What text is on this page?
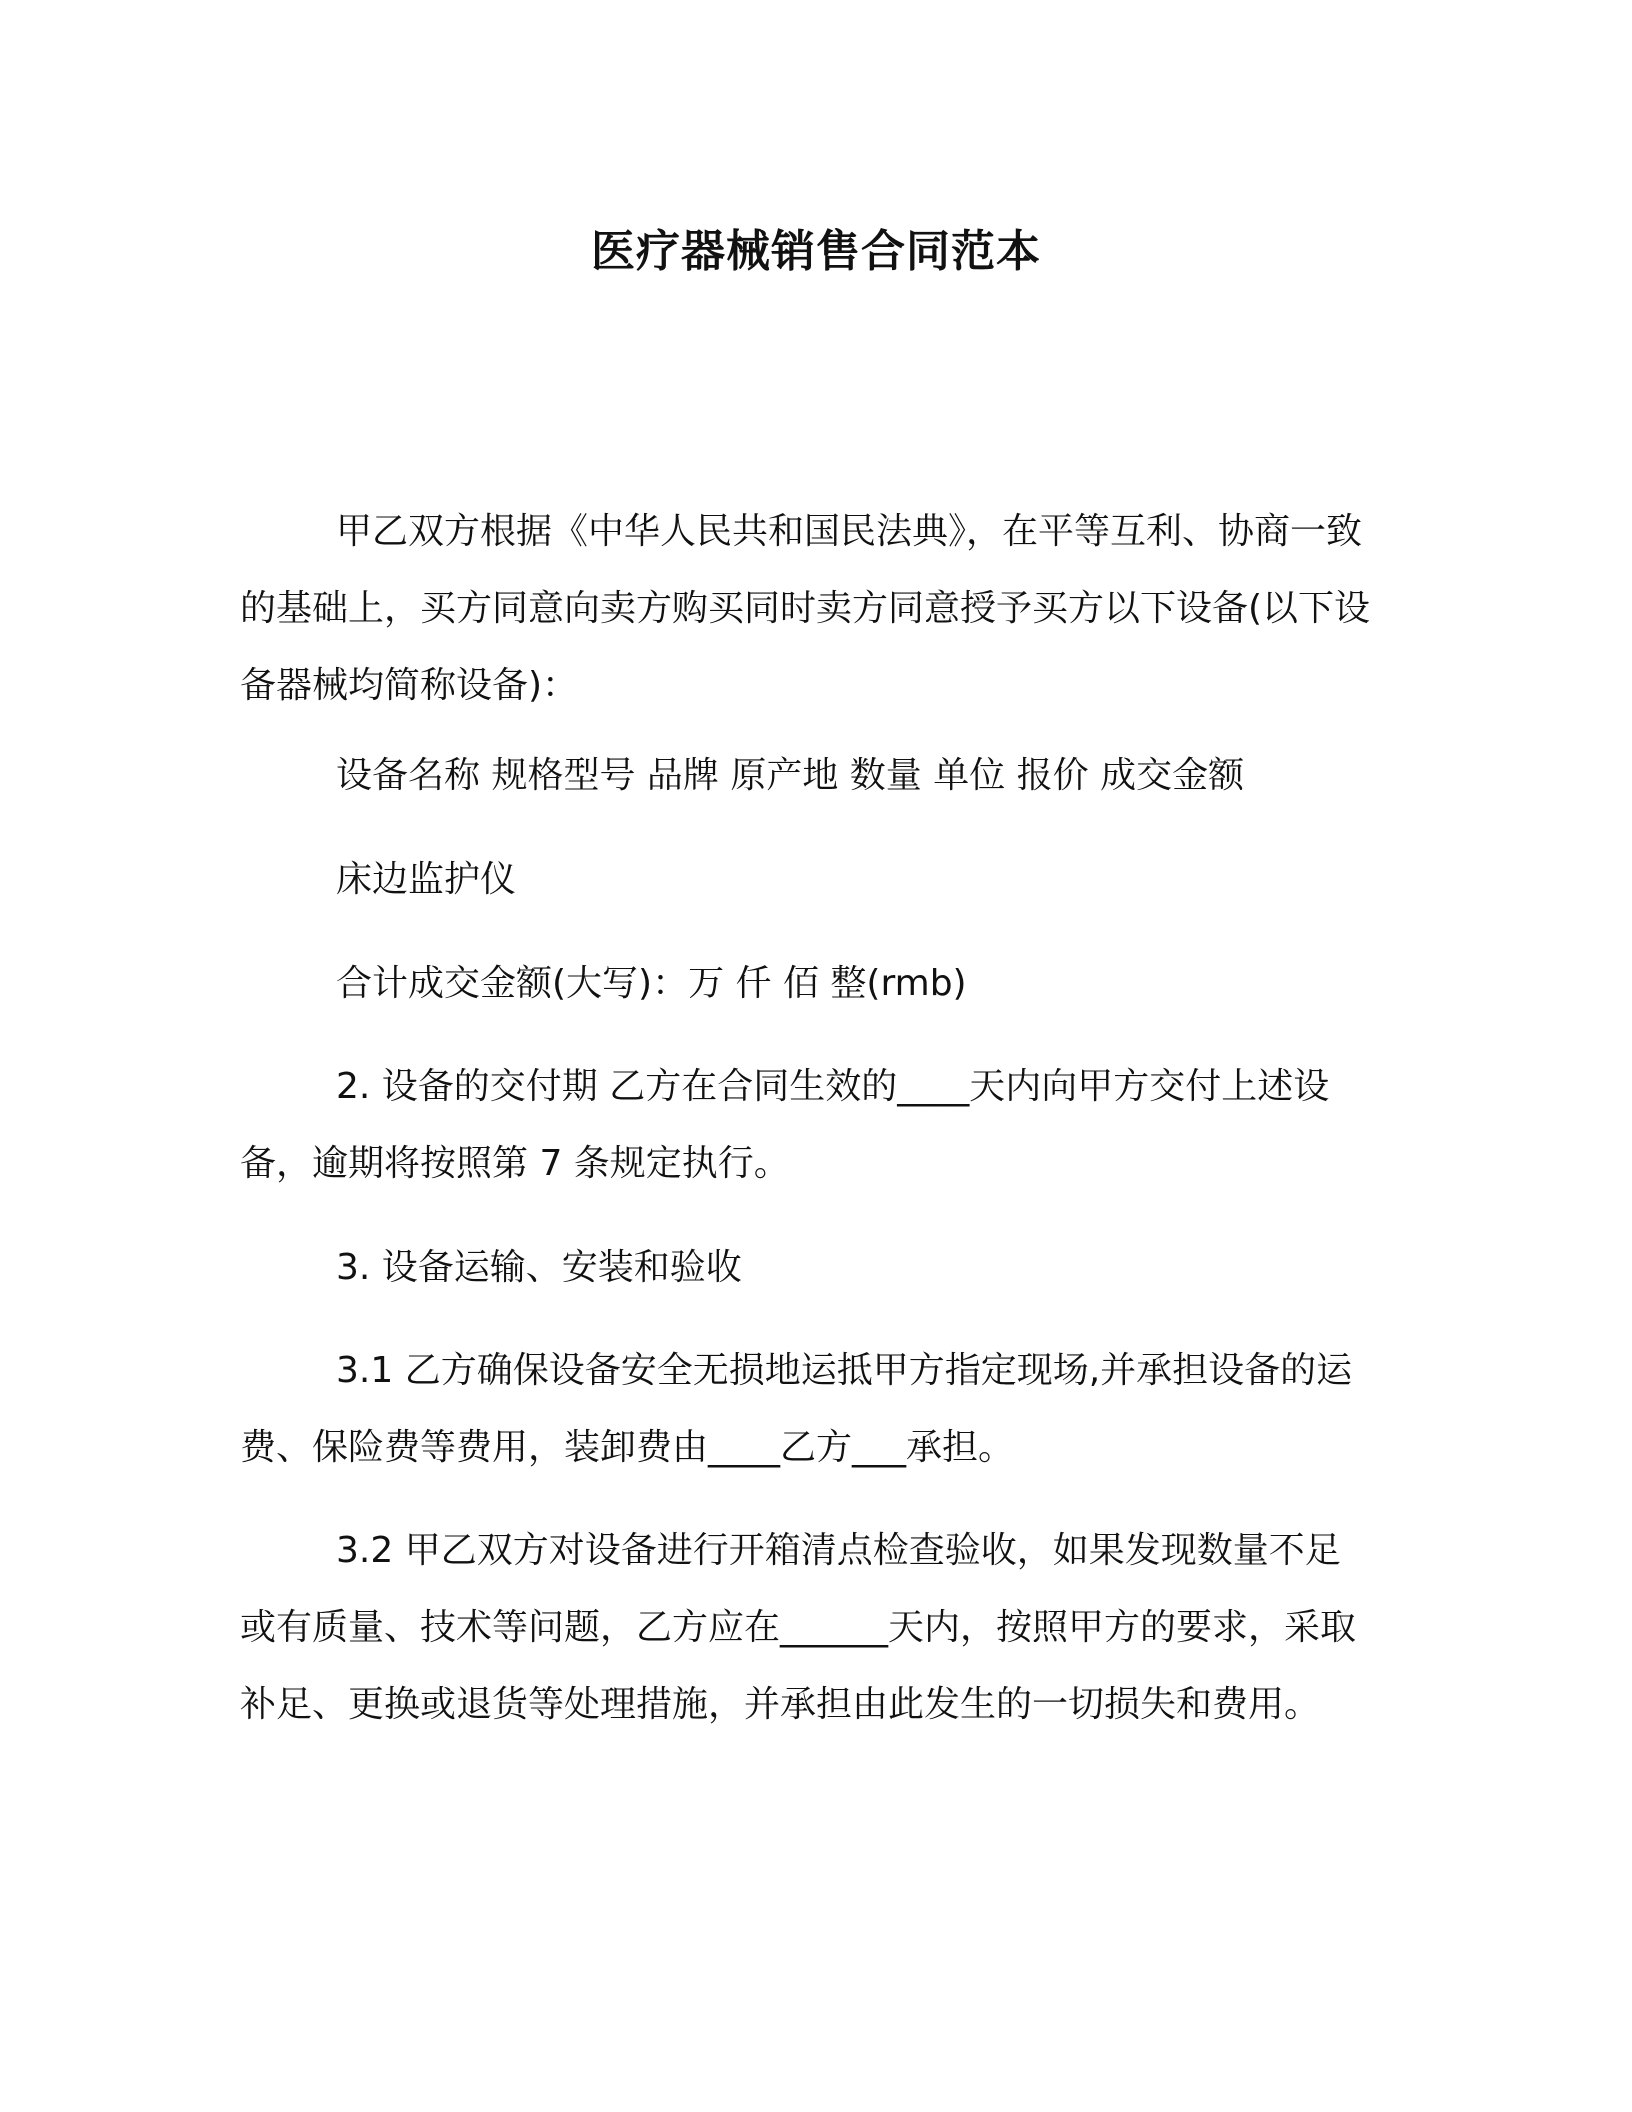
医疗器械销售合同范本

甲乙双方根据《中华人民共和国民法典》，在平等互利、协商一致的基础上，买方同意向卖方购买同时卖方同意授予买方以下设备(以下设备器械均简称设备)：

设备名称 规格型号 品牌 原产地 数量 单位 报价 成交金额

床边监护仪

合计成交金额(大写)：万 仟 佰 整(rmb)

2. 设备的交付期 乙方在合同生效的____天内向甲方交付上述设备，逾期将按照第 7 条规定执行。

3. 设备运输、安装和验收

3.1 乙方确保设备安全无损地运抵甲方指定现场,并承担设备的运费、保险费等费用，装卸费由____乙方___承担。

3.2 甲乙双方对设备进行开箱清点检查验收，如果发现数量不足或有质量、技术等问题，乙方应在______天内，按照甲方的要求，采取补足、更换或退货等处理措施，并承担由此发生的一切损失和费用。
